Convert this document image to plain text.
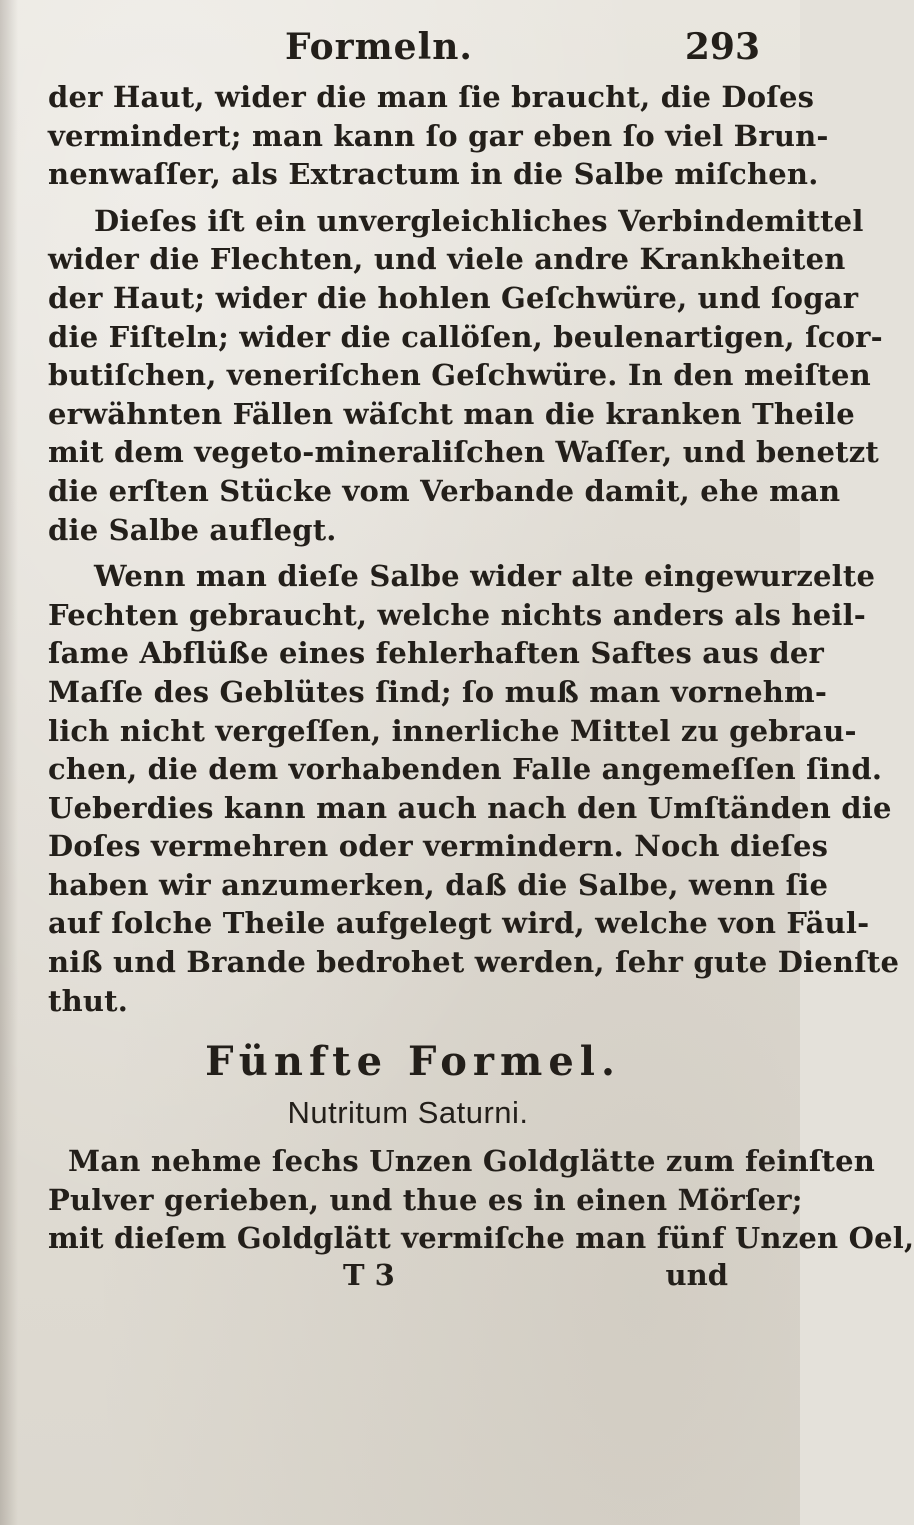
Formeln.	293
der Haut, wider die man ſie braucht, die Doſes
vermindert; man kann ſo gar eben ſo viel Brun-
nenwaſſer, als Extractum in die Salbe miſchen.
Dieſes iſt ein unvergleichliches Verbindemittel
wider die Flechten, und viele andre Krankheiten
der Haut; wider die hohlen Geſchwüre, und ſogar
die Fiſteln; wider die callöſen, beulenartigen, ſcor-
butiſchen, veneriſchen Geſchwüre. In den meiſten
erwähnten Fällen wäſcht man die kranken Theile
mit dem vegeto-mineraliſchen Waſſer, und benetzt
die erſten Stücke vom Verbande damit, ehe man
die Salbe auflegt.
Wenn man dieſe Salbe wider alte eingewurzelte
Fechten gebraucht, welche nichts anders als heil-
ſame Abflüße eines fehlerhaften Saftes aus der
Maſſe des Geblütes ſind; ſo muß man vornehm-
lich nicht vergeſſen, innerliche Mittel zu gebrau-
chen, die dem vorhabenden Falle angemeſſen ſind.
Ueberdies kann man auch nach den Umſtänden die
Doſes vermehren oder vermindern. Noch dieſes
haben wir anzumerken, daß die Salbe, wenn ſie
auf ſolche Theile aufgelegt wird, welche von Fäul-
niß und Brande bedrohet werden, ſehr gute Dienſte
thut.
Fünfte Formel.
Nutritum Saturni.
Man nehme ſechs Unzen Goldglätte zum feinſten
Pulver gerieben, und thue es in einen Mörſer;
mit dieſem Goldglätt vermiſche man fünf Unzen Oel,
T 3	und
